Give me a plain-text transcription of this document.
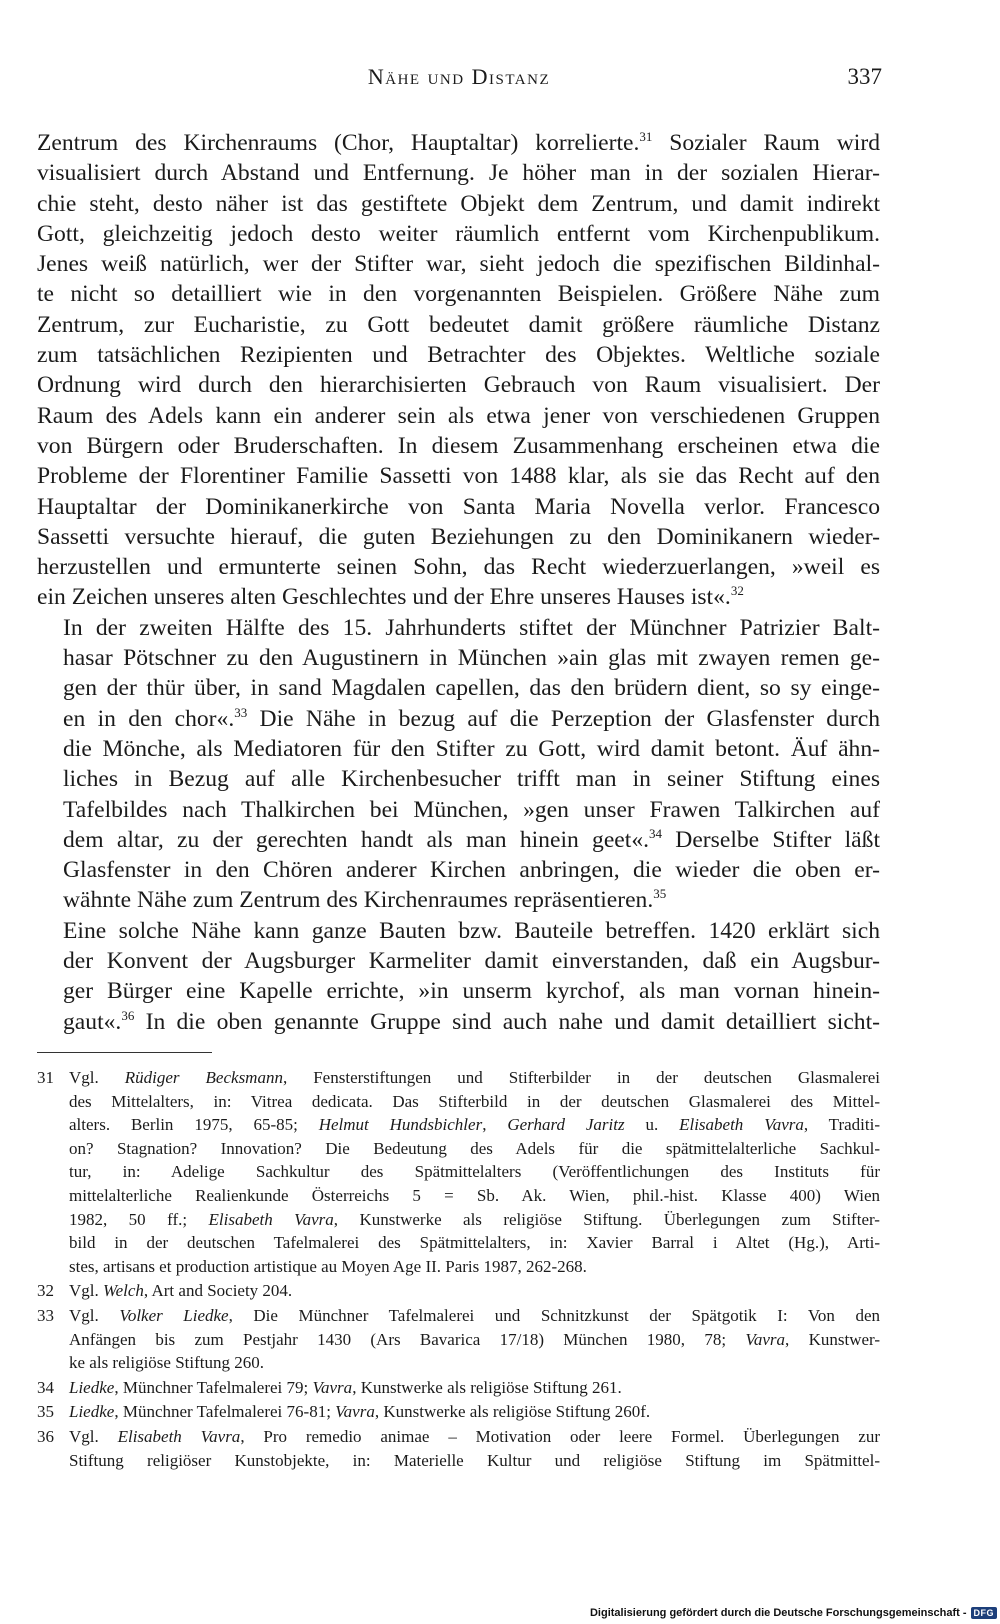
Nähe und Distanz	337

Zentrum des Kirchenraums (Chor, Hauptaltar) korrelierte.$^{31}$ Sozialer Raum wird
visualisiert durch Abstand und Entfernung. Je höher man in der sozialen Hierar-
chie steht, desto näher ist das gestiftete Objekt dem Zentrum, und damit indirekt
Gott, gleichzeitig jedoch desto weiter räumlich entfernt vom Kirchenpublikum.
Jenes weiß natürlich, wer der Stifter war, sieht jedoch die spezifischen Bildinhal-
te nicht so detailliert wie in den vorgenannten Beispielen. Größere Nähe zum
Zentrum, zur Eucharistie, zu Gott bedeutet damit größere räumliche Distanz
zum tatsächlichen Rezipienten und Betrachter des Objektes. Weltliche soziale
Ordnung wird durch den hierarchisierten Gebrauch von Raum visualisiert. Der
Raum des Adels kann ein anderer sein als etwa jener von verschiedenen Gruppen
von Bürgern oder Bruderschaften. In diesem Zusammenhang erscheinen etwa die
Probleme der Florentiner Familie Sassetti von 1488 klar, als sie das Recht auf den
Hauptaltar der Dominikanerkirche von Santa Maria Novella verlor. Francesco
Sassetti versuchte hierauf, die guten Beziehungen zu den Dominikanern wieder-
herzustellen und ermunterte seinen Sohn, das Recht wiederzuerlangen, »weil es
ein Zeichen unseres alten Geschlechtes und der Ehre unseres Hauses ist«.$^{32}$

In der zweiten Hälfte des 15. Jahrhunderts stiftet der Münchner Patrizier Balt-
hasar Pötschner zu den Augustinern in München »ain glas mit zwayen remen ge-
gen der thür über, in sand Magdalen capellen, das den brüdern dient, so sy einge-
en in den chor«.$^{33}$ Die Nähe in bezug auf die Perzeption der Glasfenster durch
die Mönche, als Mediatoren für den Stifter zu Gott, wird damit betont. Äuf ähn-
liches in Bezug auf alle Kirchenbesucher trifft man in seiner Stiftung eines
Tafelbildes nach Thalkirchen bei München, »gen unser Frawen Talkirchen auf
dem altar, zu der gerechten handt als man hinein geet«.$^{34}$ Derselbe Stifter läßt
Glasfenster in den Chören anderer Kirchen anbringen, die wieder die oben er-
wähnte Nähe zum Zentrum des Kirchenraumes repräsentieren.$^{35}$

Eine solche Nähe kann ganze Bauten bzw. Bauteile betreffen. 1420 erklärt sich
der Konvent der Augsburger Karmeliter damit einverstanden, daß ein Augsbur-
ger Bürger eine Kapelle errichte, »in unserm kyrchof, als man vornan hinein-
gaut«.$^{36}$ In die oben genannte Gruppe sind auch nahe und damit detailliert sicht-

31 Vgl. Rüdiger Becksmann, Fensterstiftungen und Stifterbilder in der deutschen Glasmalerei
des Mittelalters, in: Vitrea dedicata. Das Stifterbild in der deutschen Glasmalerei des Mittel-
alters. Berlin 1975, 65-85; Helmut Hundsbichler, Gerhard Jaritz u. Elisabeth Vavra, Traditi-
on? Stagnation? Innovation? Die Bedeutung des Adels für die spätmittelalterliche Sachkul-
tur, in: Adelige Sachkultur des Spätmittelalters (Veröffentlichungen des Instituts für
mittelalterliche Realienkunde Österreichs 5 = Sb. Ak. Wien, phil.-hist. Klasse 400) Wien
1982, 50 ff.; Elisabeth Vavra, Kunstwerke als religiöse Stiftung. Überlegungen zum Stifter-
bild in der deutschen Tafelmalerei des Spätmittelalters, in: Xavier Barral i Altet (Hg.), Arti-
stes, artisans et production artistique au Moyen Age II. Paris 1987, 262-268.
32 Vgl. Welch, Art and Society 204.
33 Vgl. Volker Liedke, Die Münchner Tafelmalerei und Schnitzkunst der Spätgotik I: Von den
Anfängen bis zum Pestjahr 1430 (Ars Bavarica 17/18) München 1980, 78; Vavra, Kunstwer-
ke als religiöse Stiftung 260.
34 Liedke, Münchner Tafelmalerei 79; Vavra, Kunstwerke als religiöse Stiftung 261.
35 Liedke, Münchner Tafelmalerei 76-81; Vavra, Kunstwerke als religiöse Stiftung 260f.
36 Vgl. Elisabeth Vavra, Pro remedio animae – Motivation oder leere Formel. Überlegungen zur
Stiftung religiöser Kunstobjekte, in: Materielle Kultur und religiöse Stiftung im Spätmittel-
Digitalisierung gefördert durch die Deutsche Forschungsgemeinschaft - DFG
